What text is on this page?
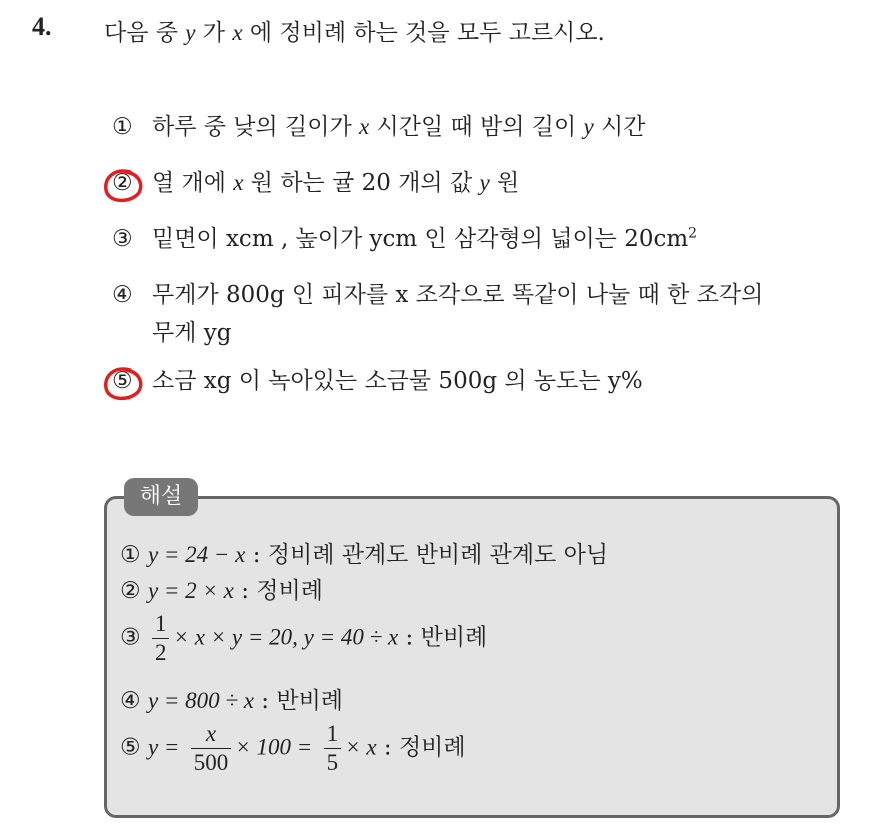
4. 다음 중 y 가 x 에 정비례 하는 것을 모두 고르시오.
① 하루 중 낮의 길이가 x 시간일 때 밤의 길이 y 시간
② 열 개에 x 원 하는 귤 20 개의 값 y 원
③ 밑면이 xcm , 높이가 ycm 인 삼각형의 넓이는 $20cm^2$
④ 무게가 800g 인 피자를 x 조각으로 똑같이 나눌 때 한 조각의
무게 yg
⑤ 소금 xg 이 녹아있는 소금물 500g 의 농도는 y%
해설
① y = 24 − x : 정비례 관계도 반비례 관계도 아님
② y = 2 × x : 정비례
③ $\frac{1}{2} \times x \times y = 20$, y = 40 ÷ x : 반비례
④ y = 800 ÷ x : 반비례
⑤ $y = \frac{x}{500} \times 100 = \frac{1}{5} \times x$ : 정비례
